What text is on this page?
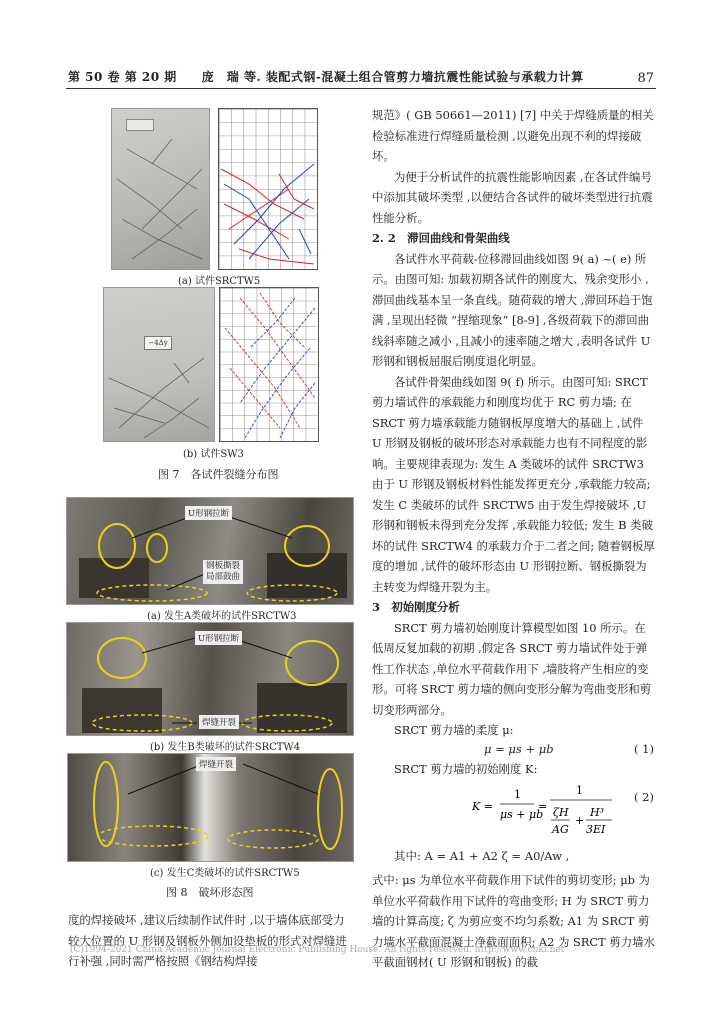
第 50 卷 第 20 期　　庞　瑞 等. 装配式钢-混凝土组合管剪力墙抗震性能试验与承载力计算	87
(a) 试件SRCTW5
−4Δy
(b) 试件SW3
图 7　各试件裂缝分布图
U形钢拉断
钢板撕裂
局部鼓曲
(a) 发生A类破坏的试件SRCTW3
U形钢拉断
焊缝开裂
(b) 发生B类破坏的试件SRCTW4
焊缝开裂
(c) 发生C类破坏的试件SRCTW5
图 8　破坏形态图

度的焊接破坏 ,建议后续制作试件时 ,以于墙体底部受力较大位置的 U 形钢及钢板外侧加设垫板的形式对焊缝进行补强 ,同时需严格按照《钢结构焊接

规范》( GB 50661—2011) [7] 中关于焊缝质量的相关检验标准进行焊缝质量检测 ,以避免出现不利的焊接破坏。

为便于分析试件的抗震性能影响因素 ,在各试件编号中添加其破坏类型 ,以便结合各试件的破坏类型进行抗震性能分析。

2. 2　滞回曲线和骨架曲线

各试件水平荷载-位移滞回曲线如图 9( a) ~( e) 所示。由图可知: 加载初期各试件的刚度大、残余变形小 ,滞回曲线基本呈一条直线。随荷载的增大 ,滞回环趋于饱满 ,呈现出轻微 “捏缩现象” [8-9] ,各级荷载下的滞回曲线斜率随之减小 ,且减小的速率随之增大 ,表明各试件 U 形钢和钢板屈服后刚度退化明显。

各试件骨架曲线如图 9( f) 所示。由图可知: SRCT 剪力墙试件的承载能力和刚度均优于 RC 剪力墙; 在 SRCT 剪力墙承载能力随钢板厚度增大的基础上 ,试件 U 形钢及钢板的破坏形态对承载能力也有不同程度的影响。主要规律表现为: 发生 A 类破坏的试件 SRCTW3 由于 U 形钢及钢板材料性能发挥更充分 ,承载能力较高; 发生 C 类破坏的试件 SRCTW5 由于发生焊接破坏 ,U 形钢和钢板未得到充分发挥 ,承载能力较低; 发生 B 类破坏的试件 SRCTW4 的承载力介于二者之间; 随着钢板厚度的增加 ,试件的破坏形态由 U 形钢拉断、钢板撕裂为主转变为焊缝开裂为主。

3　初始刚度分析

SRCT 剪力墙初始刚度计算模型如图 10 所示。在低周反复加载的初期 ,假定各 SRCT 剪力墙试件处于弹性工作状态 ,单位水平荷载作用下 ,墙肢将产生相应的变形。可将 SRCT 剪力墙的侧向变形分解为弯曲变形和剪切变形两部分。

SRCT 剪力墙的柔度 μ:

μ = μs + μb	( 1)
SRCT 剪力墙的初始刚度 K:
K =
1
μs + μb
=
1
ζH
AG
+
H³
3EI
( 2)
其中: A = A1 + A2 ζ = A0/Aw ,

式中: μs 为单位水平荷载作用下试件的剪切变形; μb 为单位水平荷载作用下试件的弯曲变形; H 为 SRCT 剪力墙的计算高度; ζ 为剪应变不均匀系数; A1 为 SRCT 剪力墙水平截面混凝土净截面面积; A2 为 SRCT 剪力墙水平截面钢材( U 形钢和钢板) 的截

(C)1994-2021 China Academic Journal Electronic Publishing House. All rights reserved. http://www.cnki.net
